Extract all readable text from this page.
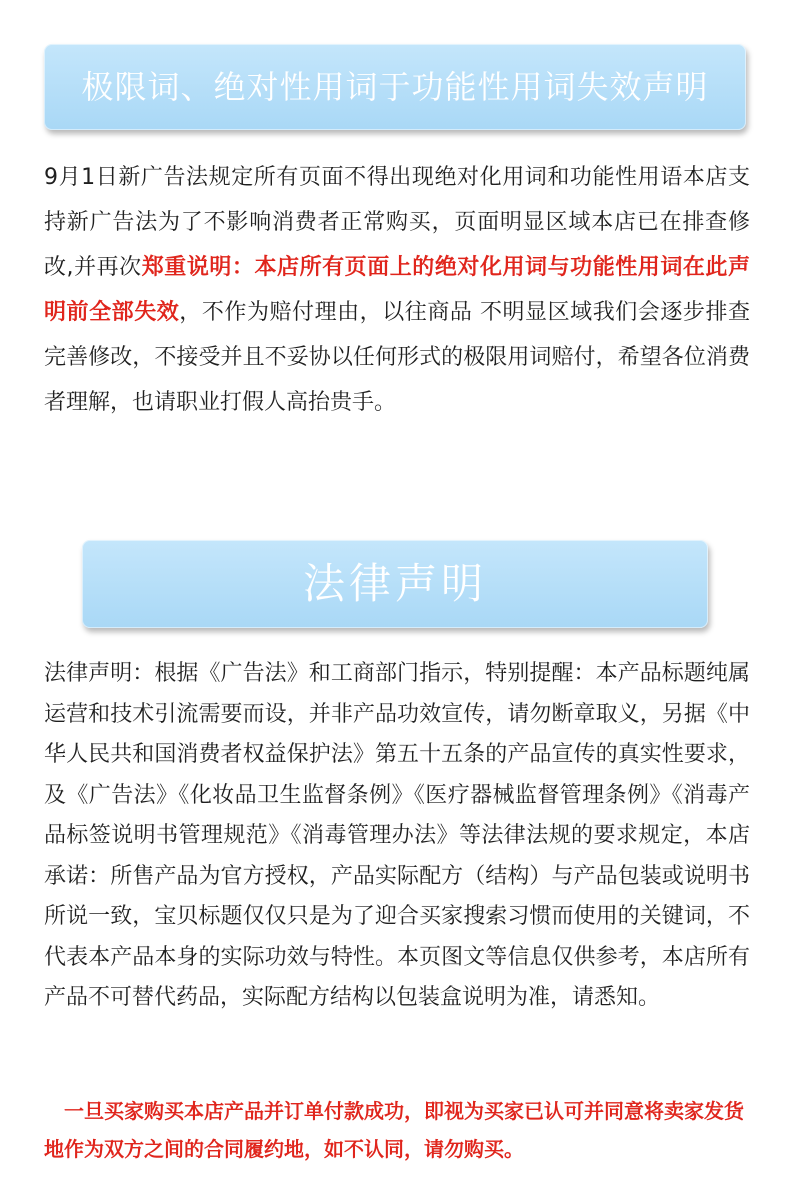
极限词、绝对性用词于功能性用词失效声明

9月1日新广告法规定所有页面不得出现绝对化用词和功能性用语本店支持新广告法为了不影响消费者正常购买，页面明显区域本店已在排查修改,并再次郑重说明：本店所有页面上的绝对化用词与功能性用词在此声明前全部失效，不作为赔付理由，以往商品 不明显区域我们会逐步排查完善修改，不接受并且不妥协以任何形式的极限用词赔付，希望各位消费者理解，也请职业打假人高抬贵手。

法律声明

法律声明：根据《广告法》和工商部门指示，特别提醒：本产品标题纯属运营和技术引流需要而设，并非产品功效宣传，请勿断章取义，另据《中华人民共和国消费者权益保护法》第五十五条的产品宣传的真实性要求，及《广告法》《化妆品卫生监督条例》《医疗器械监督管理条例》《消毒产品标签说明书管理规范》《消毒管理办法》等法律法规的要求规定，本店承诺：所售产品为官方授权，产品实际配方（结构）与产品包装或说明书所说一致，宝贝标题仅仅只是为了迎合买家搜索习惯而使用的关键词，不代表本产品本身的实际功效与特性。本页图文等信息仅供参考，本店所有产品不可替代药品，实际配方结构以包装盒说明为准，请悉知。

一旦买家购买本店产品并订单付款成功，即视为买家已认可并同意将卖家发货地作为双方之间的合同履约地，如不认同，请勿购买。
